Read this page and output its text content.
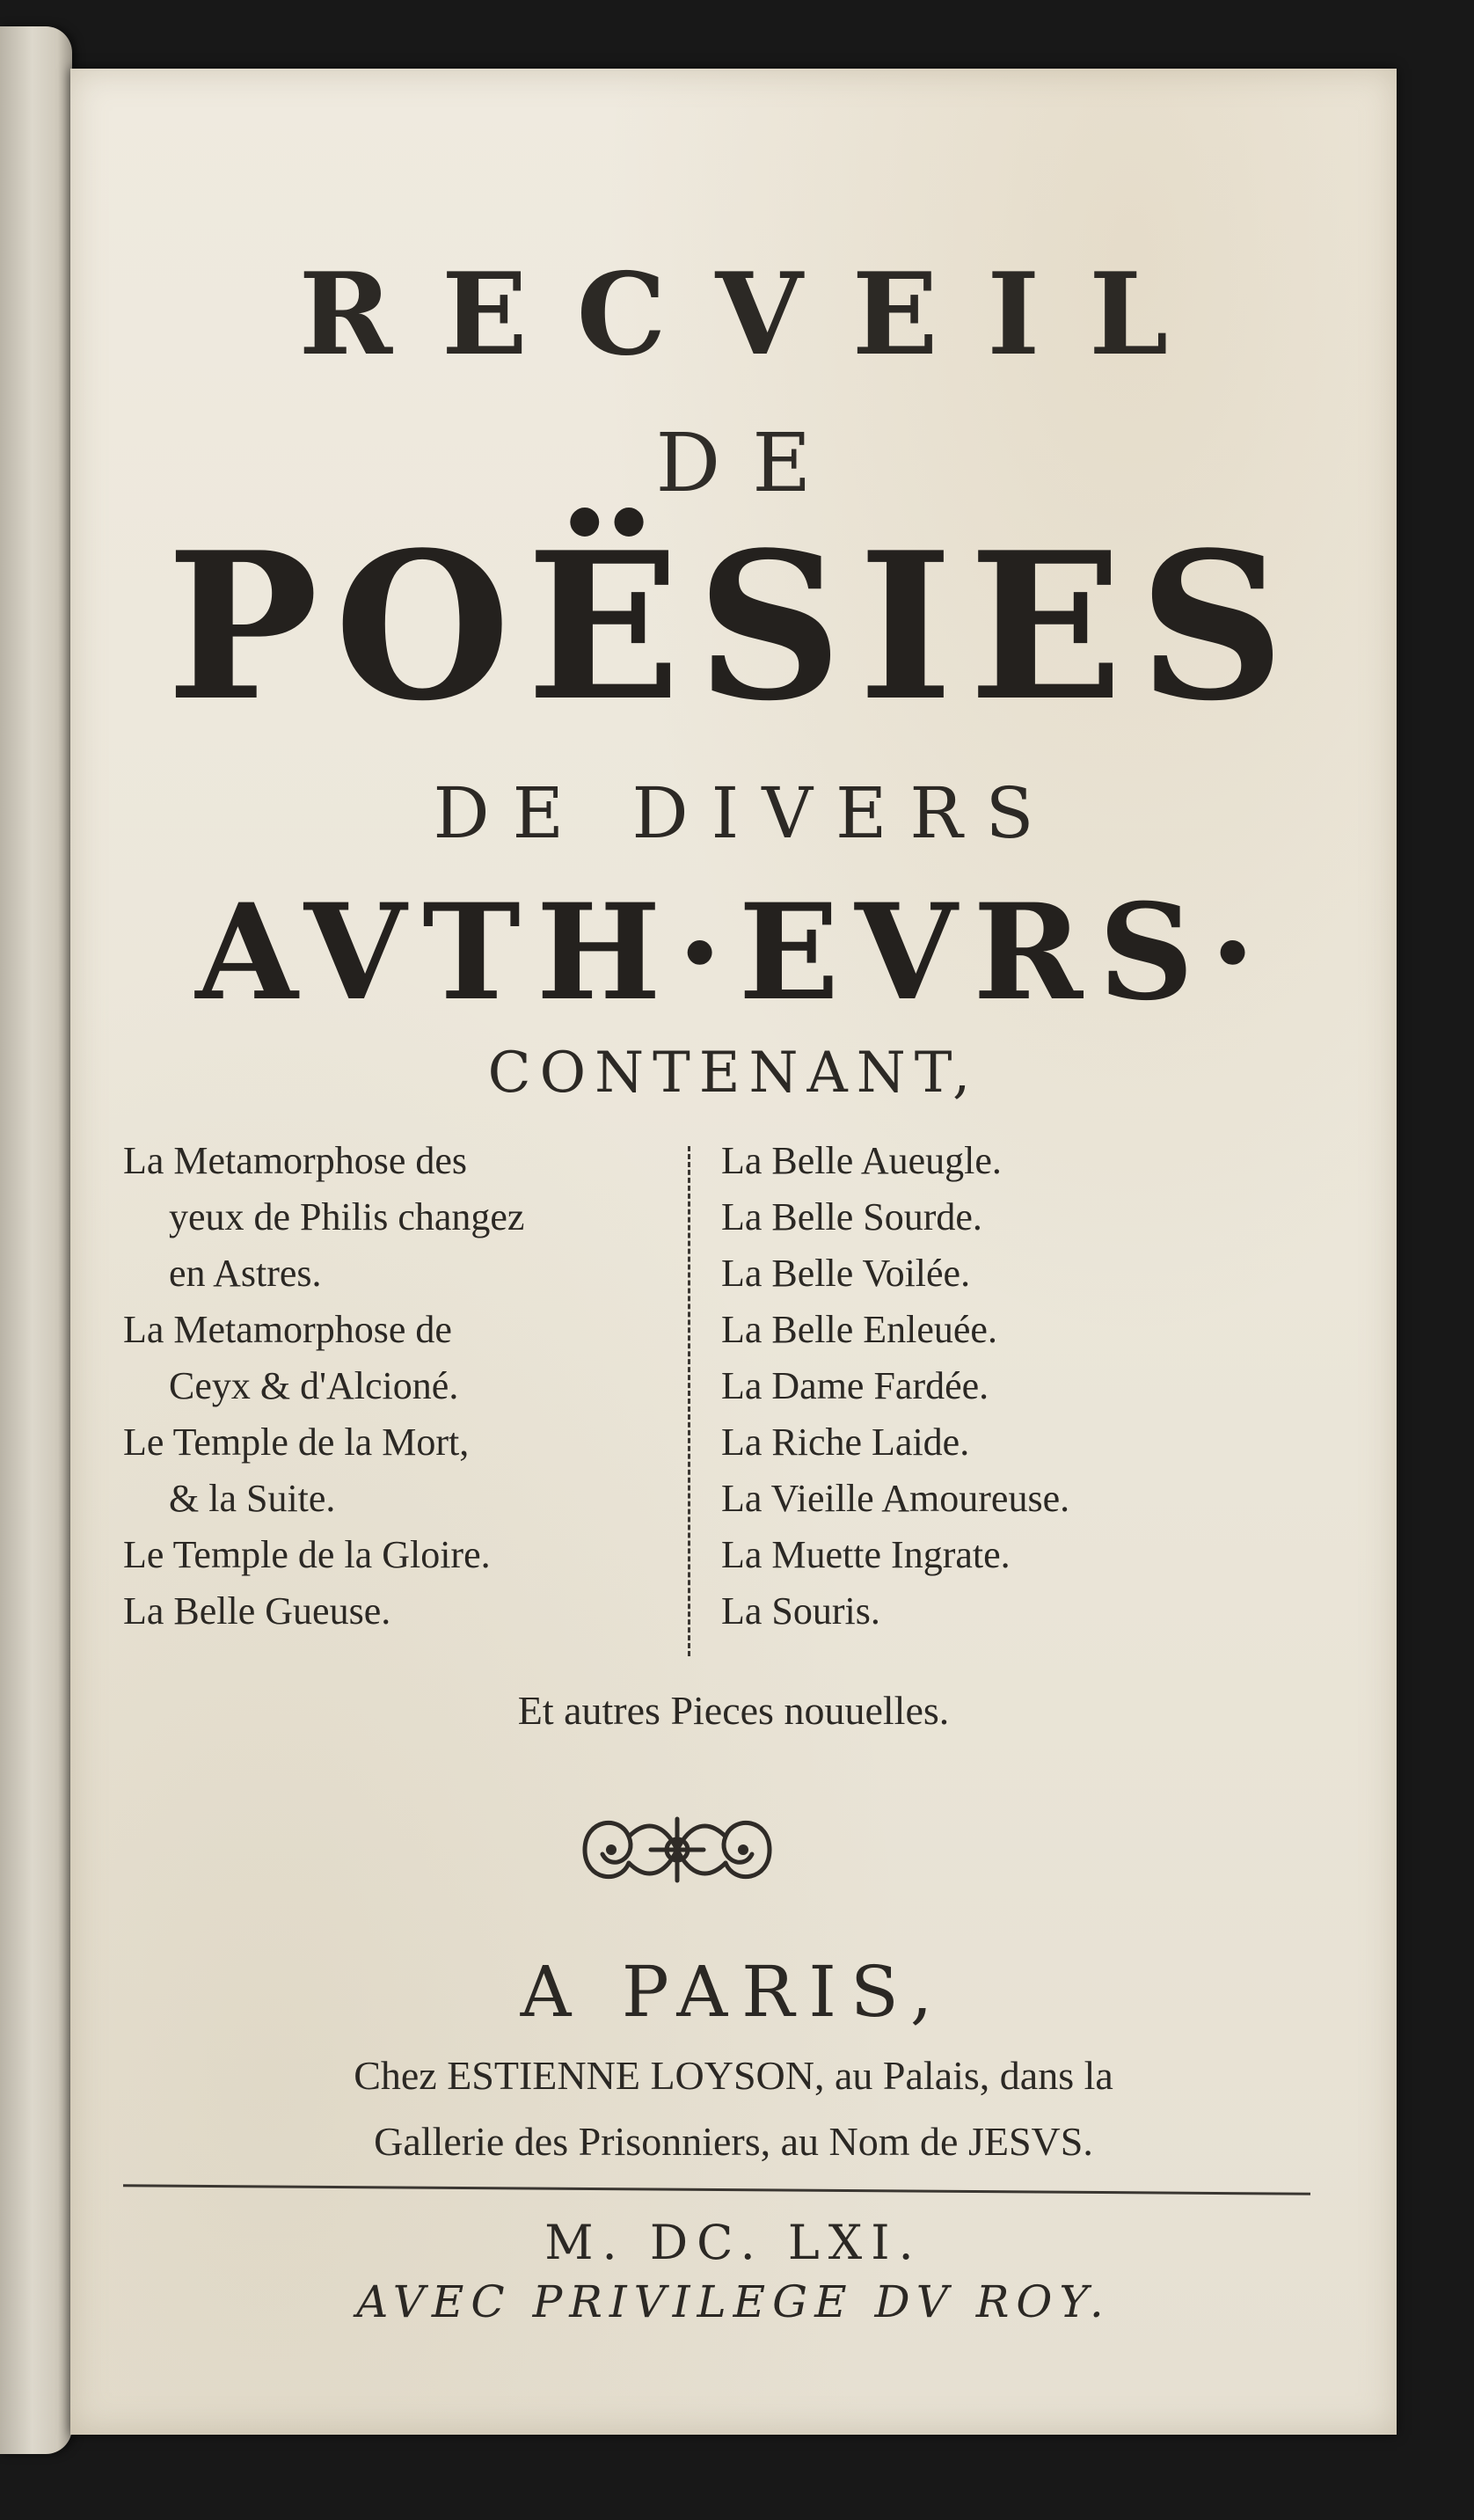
RECVEIL
DE
POËSIES
DE DIVERS
AVTH·EVRS·
CONTENANT,
La Metamorphose des
yeux de Philis changez
en Astres.
La Metamorphose de
Ceyx & d'Alcioné.
Le Temple de la Mort,
& la Suite.
Le Temple de la Gloire.
La Belle Gueuse.
La Belle Aueugle.
La Belle Sourde.
La Belle Voilée.
La Belle Enleuée.
La Dame Fardée.
La Riche Laide.
La Vieille Amoureuse.
La Muette Ingrate.
La Souris.
Et autres Pieces nouuelles.
A PARIS,
Chez ESTIENNE LOYSON, au Palais, dans la
Gallerie des Prisonniers, au Nom de JESVS.
M. DC. LXI.
AVEC PRIVILEGE DV ROY.
